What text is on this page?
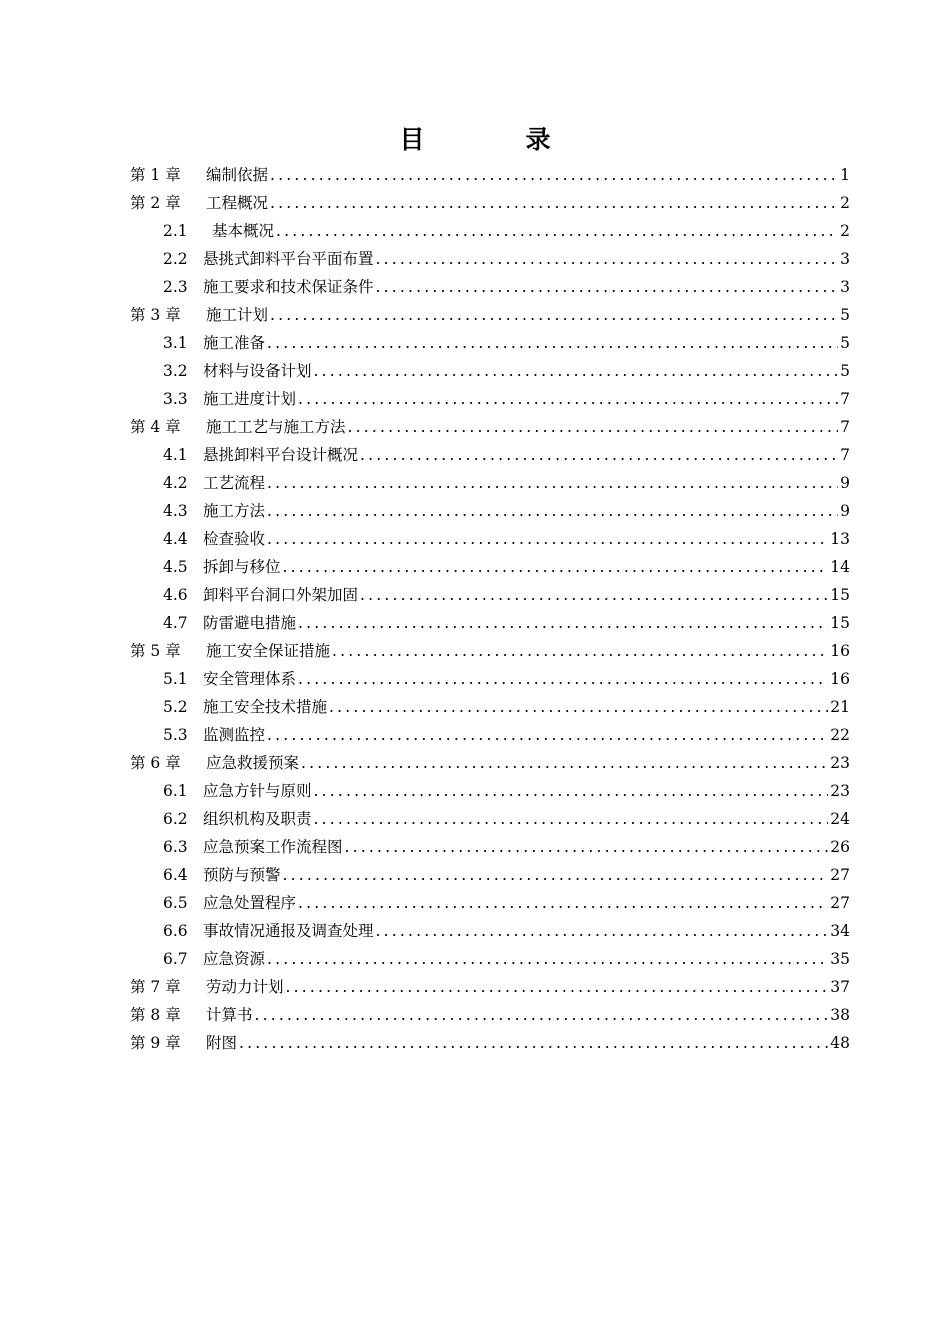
目　录
第 1 章	编制依据 .....	1
第 2 章	工程概况 .....	2
2.1	基本概况 .....	2
2.2 悬挑式卸料平台平面布置 .....	3
2.3 施工要求和技术保证条件 .....	3
第 3 章	施工计划 .....	5
3.1 施工准备 .....	5
3.2 材料与设备计划 .....	5
3.3 施工进度计划 .....	7
第 4 章	施工工艺与施工方法 .....	7
4.1 悬挑卸料平台设计概况 .....	7
4.2 工艺流程 .....	9
4.3 施工方法 .....	9
4.4 检查验收 .....	13
4.5 拆卸与移位 .....	14
4.6 卸料平台洞口外架加固 .....	15
4.7 防雷避电措施 .....	15
第 5 章	施工安全保证措施 .....	16
5.1 安全管理体系 .....	16
5.2 施工安全技术措施 .....	21
5.3 监测监控 .....	22
第 6 章	应急救援预案 .....	23
6.1 应急方针与原则 .....	23
6.2 组织机构及职责 .....	24
6.3 应急预案工作流程图 .....	26
6.4 预防与预警 .....	27
6.5 应急处置程序 .....	27
6.6 事故情况通报及调查处理 .....	34
6.7 应急资源 .....	35
第 7 章	劳动力计划 .....	37
第 8 章	计算书 .....	38
第 9 章	附图 .....	48
